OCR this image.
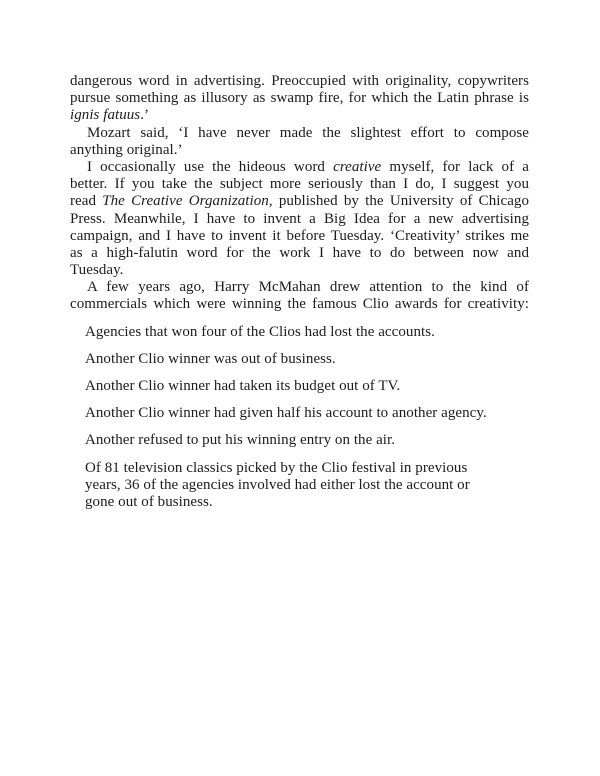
dangerous word in advertising. Preoccupied with originality, copywriters
pursue something as illusory as swamp fire, for which the Latin phrase is
ignis fatuus.’
Mozart said, ‘I have never made the slightest effort to compose
anything original.’
I occasionally use the hideous word creative myself, for lack of a
better. If you take the subject more seriously than I do, I suggest you
read The Creative Organization, published by the University of Chicago
Press. Meanwhile, I have to invent a Big Idea for a new advertising
campaign, and I have to invent it before Tuesday. ‘Creativity’ strikes me
as a high-falutin word for the work I have to do between now and
Tuesday.
A few years ago, Harry McMahan drew attention to the kind of
commercials which were winning the famous Clio awards for creativity:
Agencies that won four of the Clios had lost the accounts.
Another Clio winner was out of business.
Another Clio winner had taken its budget out of TV.
Another Clio winner had given half his account to another agency.
Another refused to put his winning entry on the air.
Of 81 television classics picked by the Clio festival in previous
years, 36 of the agencies involved had either lost the account or
gone out of business.
